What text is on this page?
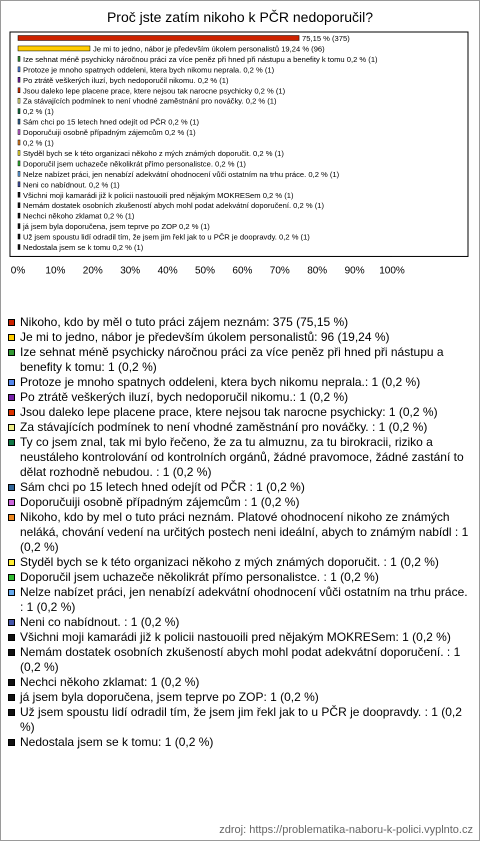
Proč jste zatím nikoho k PČR nedoporučil?
75,15 % (375)
Je mi to jedno, nábor je především úkolem personalistů 19,24 % (96)
Ize sehnat méně psychicky náročnou práci za více peněz při hned při nástupu a benefity k tomu 0,2 % (1)
Protoze je mnoho spatnych oddeleni, ktera bych nikomu neprala. 0,2 % (1)
Po ztrátě veškerých iluzí, bych nedoporučil nikomu. 0,2 % (1)
Jsou daleko lepe placene prace, ktere nejsou tak narocne psychicky 0,2 % (1)
Za stávajících podmínek to není vhodné zaměstnání pro nováčky. 0,2 % (1)
0,2 % (1)
Sám chci po 15 letech hned odejít od PČR 0,2 % (1)
Doporučuiji osobně případným zájemcům 0,2 % (1)
0,2 % (1)
Styděl bych se k této organizaci někoho z mých známých doporučit. 0,2 % (1)
Doporučil jsem uchazeče několikrát přímo personalistce. 0,2 % (1)
Nelze nabízet práci, jen nenabízí adekvátní ohodnocení vůči ostatním na trhu práce. 0,2 % (1)
Neni co nabídnout. 0,2 % (1)
Všichni moji kamarádi již k policii nastouoili pred nějakým MOKRESem 0,2 % (1)
Nemám dostatek osobních zkušeností abych mohl podat adekvátní doporučení. 0,2 % (1)
Nechci někoho zklamat 0,2 % (1)
já jsem byla doporučena, jsem teprve po ZOP 0,2 % (1)
Už jsem spoustu lidí odradil tím, že jsem jim řekl jak to u PČR je doopravdy. 0,2 % (1)
Nedostala jsem se k tomu 0,2 % (1)
0% 10% 20% 30% 40% 50% 60% 70% 80% 90% 100%
Nikoho, kdo by měl o tuto práci zájem neznám: 375 (75,15 %)
Je mi to jedno, nábor je především úkolem personalistů: 96 (19,24 %)
Ize sehnat méně psychicky náročnou práci za více peněz při hned při nástupu a benefity k tomu: 1 (0,2 %)
Protoze je mnoho spatnych oddeleni, ktera bych nikomu neprala.: 1 (0,2 %)
Po ztrátě veškerých iluzí, bych nedoporučil nikomu.: 1 (0,2 %)
Jsou daleko lepe placene prace, ktere nejsou tak narocne psychicky: 1 (0,2 %)
Za stávajících podmínek to není vhodné zaměstnání pro nováčky. : 1 (0,2 %)
Ty co jsem znal, tak mi bylo řečeno, že za tu almuznu, za tu birokracii, riziko a neustáleho kontrolování od kontrolních orgánů, žádné pravomoce, žádné zastání to dělat rozhodně nebudou. : 1 (0,2 %)
Sám chci po 15 letech hned odejít od PČR : 1 (0,2 %)
Doporučuiji osobně případným zájemcům : 1 (0,2 %)
Nikoho, kdo by mel o tuto práci neznám. Platové ohodnocení nikoho ze známých neláká, chování vedení na určitých postech neni ideální, abych to známým nabídl : 1 (0,2 %)
Styděl bych se k této organizaci někoho z mých známých doporučit. : 1 (0,2 %)
Doporučil jsem uchazeče několikrát přímo personalistce. : 1 (0,2 %)
Nelze nabízet práci, jen nenabízí adekvátní ohodnocení vůči ostatním na trhu práce. : 1 (0,2 %)
Neni co nabídnout. : 1 (0,2 %)
Všichni moji kamarádi již k policii nastouoili pred nějakým MOKRESem: 1 (0,2 %)
Nemám dostatek osobních zkušeností abych mohl podat adekvátní doporučení. : 1 (0,2 %)
Nechci někoho zklamat: 1 (0,2 %)
já jsem byla doporučena, jsem teprve po ZOP: 1 (0,2 %)
Už jsem spoustu lidí odradil tím, že jsem jim řekl jak to u PČR je doopravdy. : 1 (0,2 %)
Nedostala jsem se k tomu: 1 (0,2 %)
zdroj: https://problematika-naboru-k-polici.vyplnto.cz
